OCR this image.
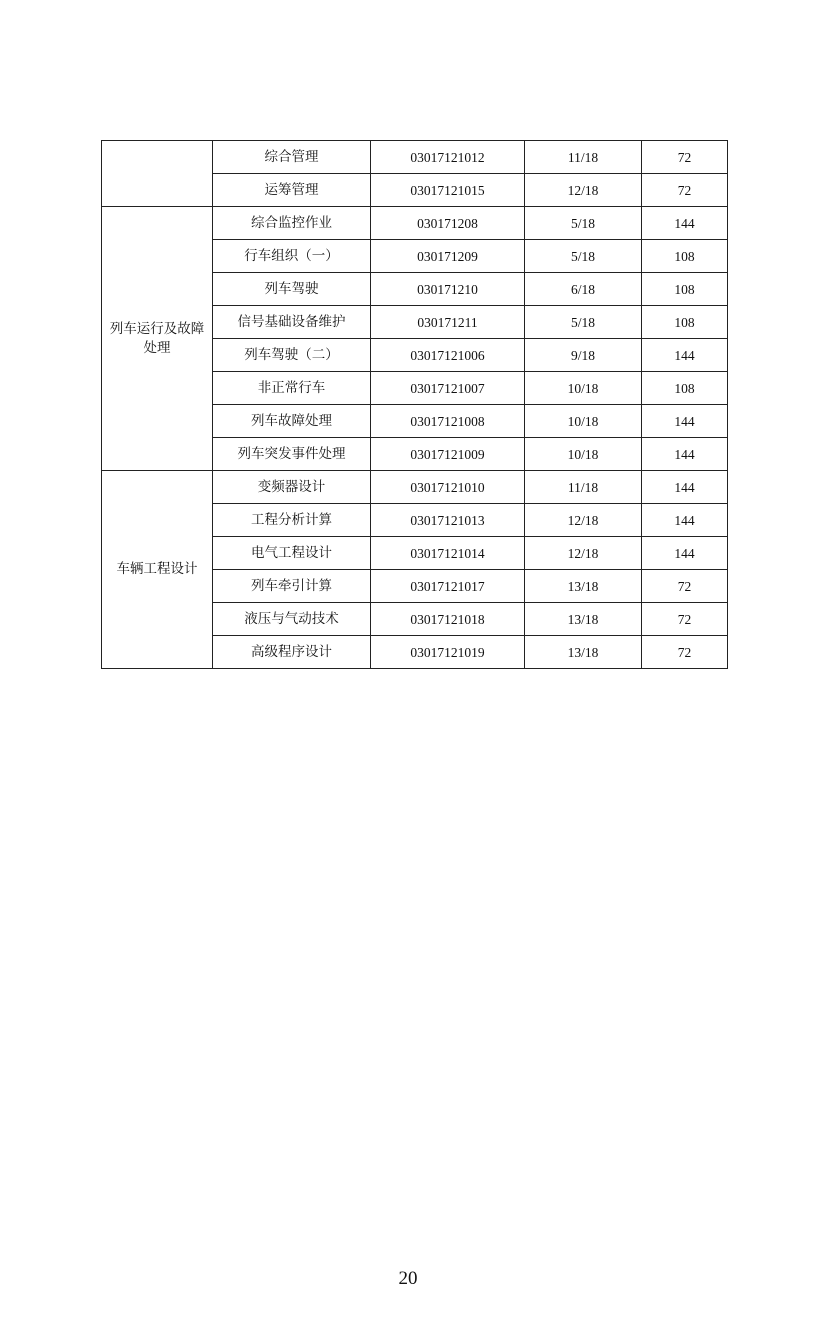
	综合管理	03017121012	11/18	72
	运筹管理	03017121015	12/18	72
列车运行及故障处理	综合监控作业	030171208	5/18	144
	行车组织（一）	030171209	5/18	108
	列车驾驶	030171210	6/18	108
	信号基础设备维护	030171211	5/18	108
	列车驾驶（二）	03017121006	9/18	144
	非正常行车	03017121007	10/18	108
	列车故障处理	03017121008	10/18	144
	列车突发事件处理	03017121009	10/18	144
车辆工程设计	变频器设计	03017121010	11/18	144
	工程分析计算	03017121013	12/18	144
	电气工程设计	03017121014	12/18	144
	列车牵引计算	03017121017	13/18	72
	液压与气动技术	03017121018	13/18	72
	高级程序设计	03017121019	13/18	72
20
